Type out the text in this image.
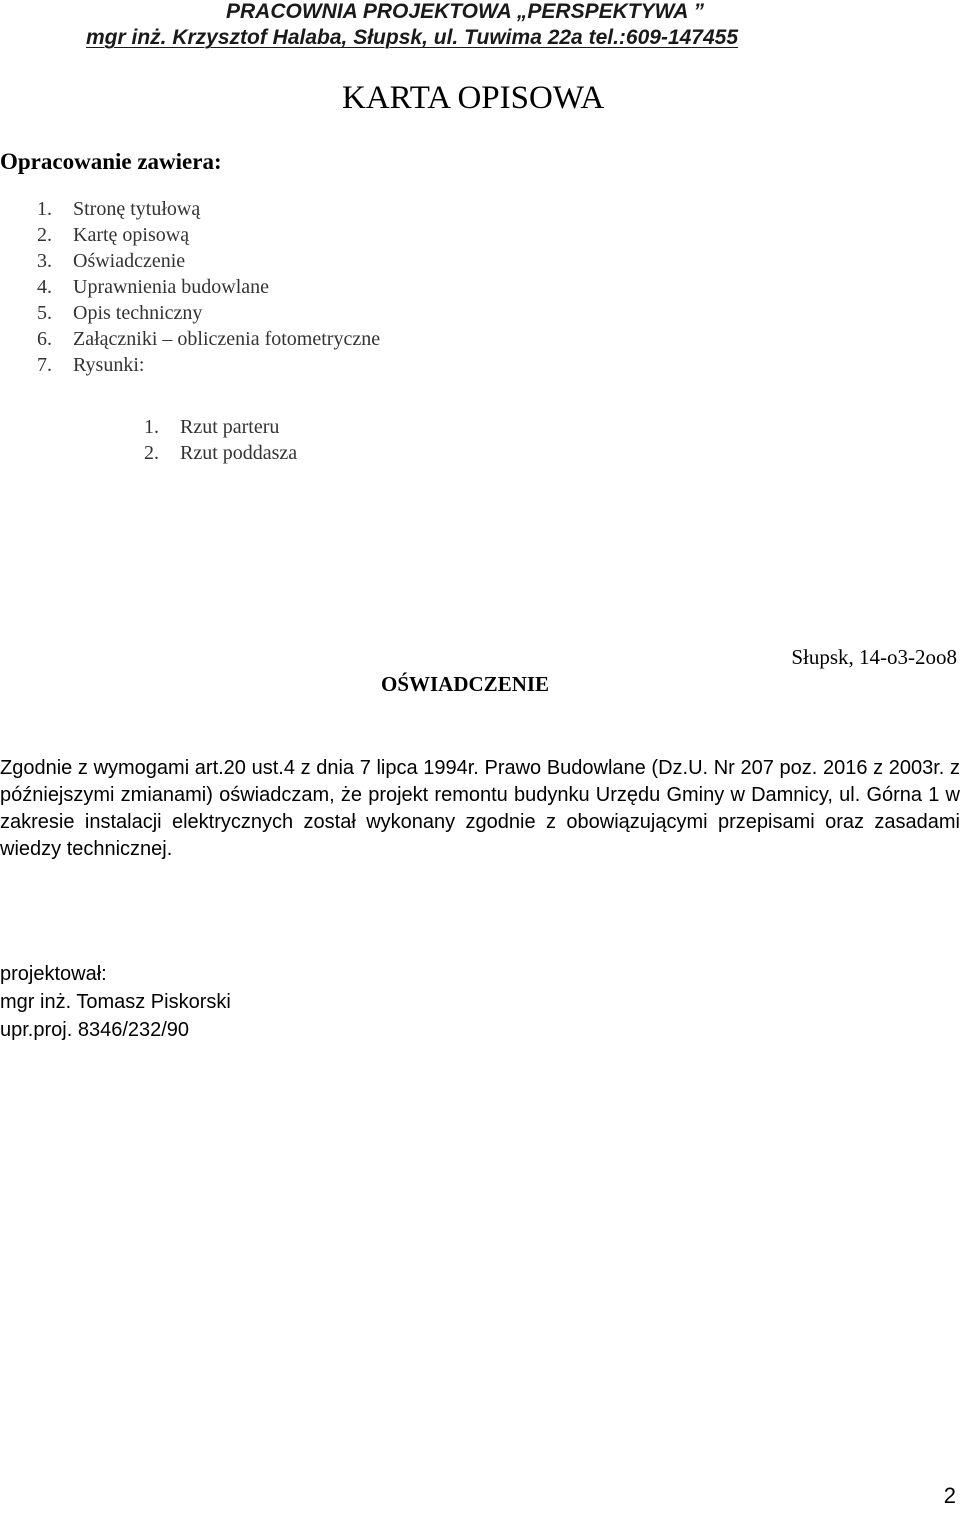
PRACOWNIA PROJEKTOWA „PERSPEKTYWA ”
mgr inż. Krzysztof Halaba, Słupsk, ul. Tuwima 22a tel.:609-147455
KARTA OPISOWA
Opracowanie zawiera:
1. Stronę tytułową
2. Kartę opisową
3. Oświadczenie
4. Uprawnienia budowlane
5. Opis techniczny
6. Załączniki – obliczenia fotometryczne
7. Rysunki:
1. Rzut parteru
2. Rzut poddasza
Słupsk, 14-o3-2oo8
OŚWIADCZENIE

Zgodnie z wymogami art.20 ust.4 z dnia 7 lipca 1994r. Prawo Budowlane (Dz.U. Nr 207 poz. 2016 z 2003r. z późniejszymi zmianami) oświadczam, że projekt remontu budynku Urzędu Gminy w Damnicy, ul. Górna 1 w zakresie instalacji elektrycznych został wykonany zgodnie z obowiązującymi przepisami oraz zasadami wiedzy technicznej.

projektował:
mgr inż. Tomasz Piskorski
upr.proj. 8346/232/90
2
